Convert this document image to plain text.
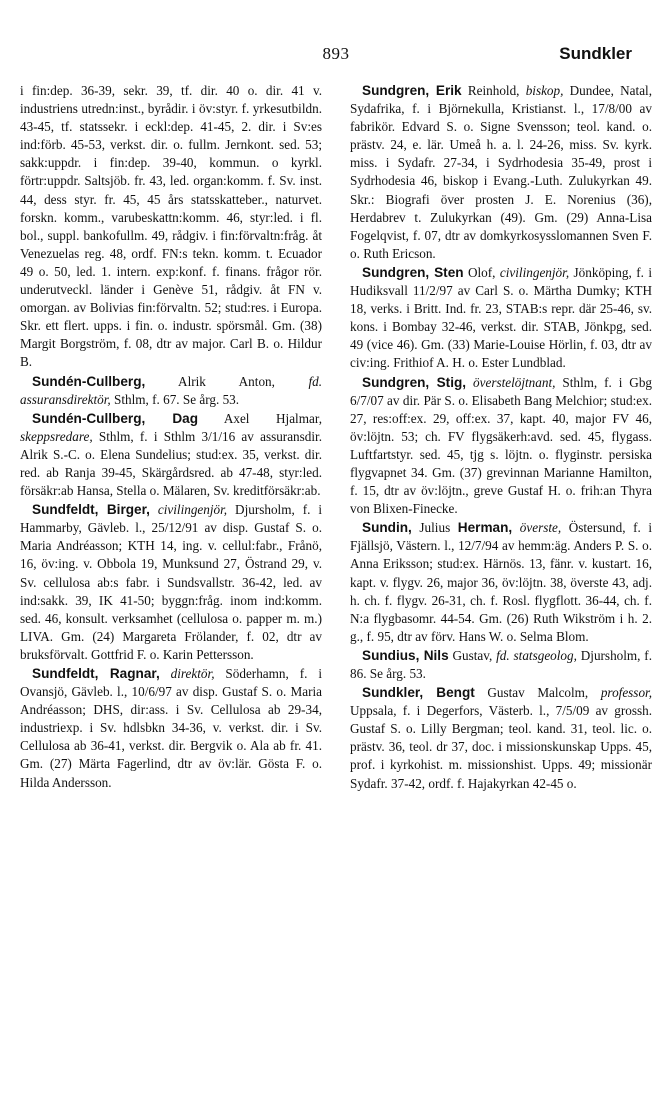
893	Sundkler

i fin:dep. 36-39, sekr. 39, tf. dir. 40 o. dir. 41 v. industriens utredn:inst., byrådir. i öv:styr. f. yrkesutbildn. 43-45, tf. statssekr. i eckl:dep. 41-45, 2. dir. i Sv:es ind:förb. 45-53, verkst. dir. o. fullm. Jernkont. sed. 53; sakk:uppdr. i fin:dep. 39-40, kommun. o kyrkl. förtr:uppdr. Saltsjöb. fr. 43, led. organ:komm. f. Sv. inst. 44, dess styr. fr. 45, 45 års statsskatteber., naturvet. forskn. komm., varubeskattn:komm. 46, styr:led. i fl. bol., suppl. bankofullm. 49, rådgiv. i fin:förvaltn:fråg. åt Venezuelas reg. 48, ordf. FN:s tekn. komm. t. Ecuador 49 o. 50, led. 1. intern. exp:konf. f. finans. frågor rör. underutveckl. länder i Genève 51, rådgiv. åt FN v. omorgan. av Bolivias fin:förvaltn. 52; stud:res. i Europa. Skr. ett flert. upps. i fin. o. industr. spörsmål. Gm. (38) Margit Borgström, f. 08, dtr av major. Carl B. o. Hildur B.

Sundén-Cullberg, Alrik Anton, fd. assuransdirektör, Sthlm, f. 67. Se årg. 53.

Sundén-Cullberg, Dag Axel Hjalmar, skeppsredare, Sthlm, f. i Sthlm 3/1/16 av assuransdir. Alrik S.-C. o. Elena Sundelius; stud:ex. 35, verkst. dir. red. ab Ranja 39-45, Skärgårdsred. ab 47-48, styr:led. försäkr:ab Hansa, Stella o. Mälaren, Sv. kreditförsäkr:ab.

Sundfeldt, Birger, civilingenjör, Djursholm, f. i Hammarby, Gävleb. l., 25/12/91 av disp. Gustaf S. o. Maria Andréasson; KTH 14, ing. v. cellul:fabr., Frånö, 16, öv:ing. v. Obbola 19, Munksund 27, Östrand 29, v. Sv. cellulosa ab:s fabr. i Sundsvallstr. 36-42, led. av ind:sakk. 39, IK 41-50; byggn:fråg. inom ind:komm. sed. 46, konsult. verksamhet (cellulosa o. papper m. m.) LIVA. Gm. (24) Margareta Frölander, f. 02, dtr av bruksförvalt. Gottfrid F. o. Karin Pettersson.

Sundfeldt, Ragnar, direktör, Söderhamn, f. i Ovansjö, Gävleb. l., 10/6/97 av disp. Gustaf S. o. Maria Andréasson; DHS, dir:ass. i Sv. Cellulosa ab 29-34, industriexp. i Sv. hdlsbkn 34-36, v. verkst. dir. i Sv. Cellulosa ab 36-41, verkst. dir. Bergvik o. Ala ab fr. 41. Gm. (27) Märta Fagerlind, dtr av öv:lär. Gösta F. o. Hilda Andersson.

Sundgren, Erik Reinhold, biskop, Dundee, Natal, Sydafrika, f. i Björnekulla, Kristianst. l., 17/8/00 av fabrikör. Edvard S. o. Signe Svensson; teol. kand. o. prästv. 24, e. lär. Umeå h. a. l. 24-26, miss. Sv. kyrk. miss. i Sydafr. 27-34, i Sydrhodesia 35-49, prost i Sydrhodesia 46, biskop i Evang.-Luth. Zulukyrkan 49. Skr.: Biografi över prosten J. E. Norenius (36), Herdabrev t. Zulukyrkan (49). Gm. (29) Anna-Lisa Fogelqvist, f. 07, dtr av domkyrkosysslomannen Sven F. o. Ruth Ericson.

Sundgren, Sten Olof, civilingenjör, Jönköping, f. i Hudiksvall 11/2/97 av Carl S. o. Märtha Dumky; KTH 18, verks. i Britt. Ind. fr. 23, STAB:s repr. där 25-46, sv. kons. i Bombay 32-46, verkst. dir. STAB, Jönkpg, sed. 49 (vice 46). Gm. (33) Marie-Louise Hörlin, f. 03, dtr av civ:ing. Frithiof A. H. o. Ester Lundblad.

Sundgren, Stig, överstelöjtnant, Sthlm, f. i Gbg 6/7/07 av dir. Pär S. o. Elisabeth Bang Melchior; stud:ex. 27, res:off:ex. 29, off:ex. 37, kapt. 40, major FV 46, öv:löjtn. 53; ch. FV flygsäkerh:avd. sed. 45, flygass. Luftfartstyr. sed. 45, tjg s. löjtn. o. flyginstr. persiska flygvapnet 34. Gm. (37) grevinnan Marianne Hamilton, f. 15, dtr av öv:löjtn., greve Gustaf H. o. frih:an Thyra von Blixen-Finecke.

Sundin, Julius Herman, överste, Östersund, f. i Fjällsjö, Västern. l., 12/7/94 av hemm:äg. Anders P. S. o. Anna Eriksson; stud:ex. Härnös. 13, fänr. v. kustart. 16, kapt. v. flygv. 26, major 36, öv:löjtn. 38, överste 43, adj. h. ch. f. flygv. 26-31, ch. f. Rosl. flygflott. 36-44, ch. f. N:a flygbasomr. 44-54. Gm. (26) Ruth Wikström i h. 2. g., f. 95, dtr av förv. Hans W. o. Selma Blom.

Sundius, Nils Gustav, fd. statsgeolog, Djursholm, f. 86. Se årg. 53.

Sundkler, Bengt Gustav Malcolm, professor, Uppsala, f. i Degerfors, Västerb. l., 7/5/09 av grossh. Gustaf S. o. Lilly Bergman; teol. kand. 31, teol. lic. o. prästv. 36, teol. dr 37, doc. i missionskunskap Upps. 45, prof. i kyrkohist. m. missionshist. Upps. 49; missionär Sydafr. 37-42, ordf. f. Hajakyrkan 42-45 o.
